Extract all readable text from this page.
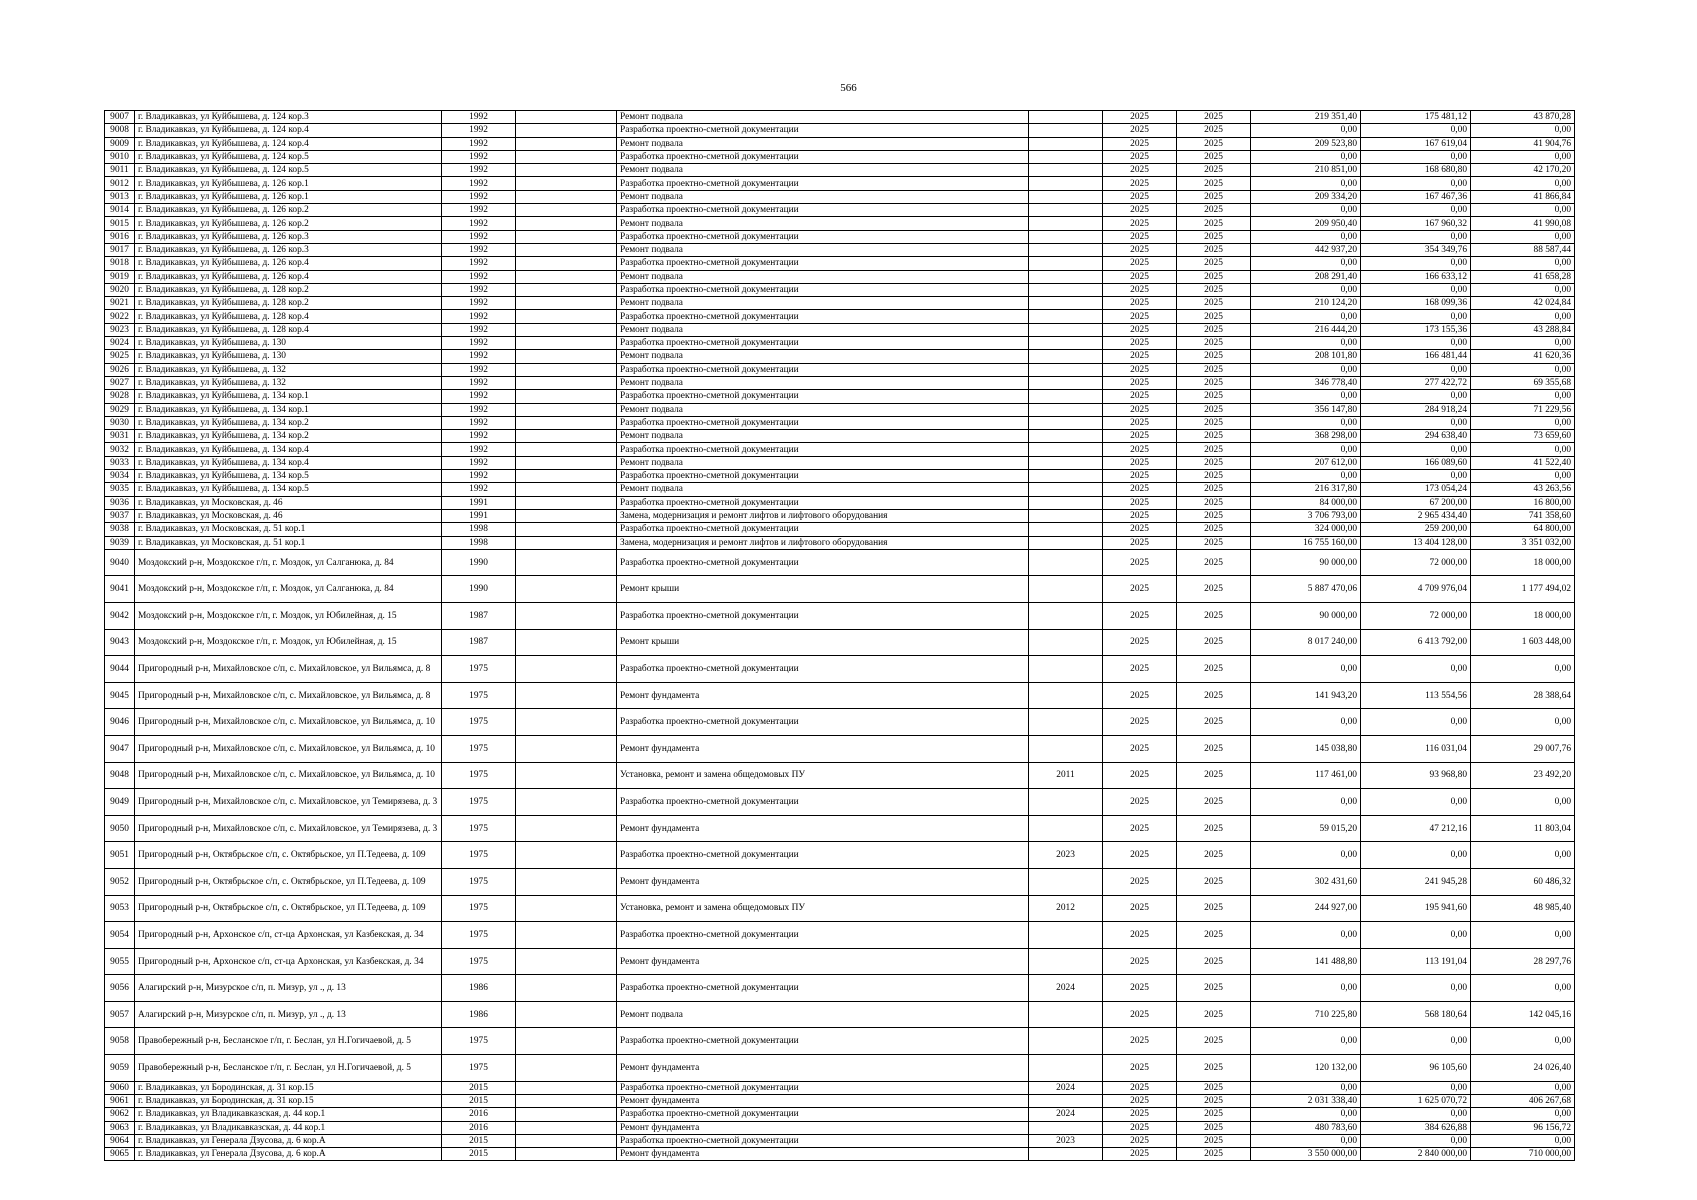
566
9007	г. Владикавказ, ул Куйбышева, д. 124 кор.3	1992		Ремонт подвала		2025	2025	219 351,40	175 481,12	43 870,28
9008	г. Владикавказ, ул Куйбышева, д. 124 кор.4	1992		Разработка проектно-сметной документации		2025	2025	0,00	0,00	0,00
9009	г. Владикавказ, ул Куйбышева, д. 124 кор.4	1992		Ремонт подвала		2025	2025	209 523,80	167 619,04	41 904,76
9010	г. Владикавказ, ул Куйбышева, д. 124 кор.5	1992		Разработка проектно-сметной документации		2025	2025	0,00	0,00	0,00
9011	г. Владикавказ, ул Куйбышева, д. 124 кор.5	1992		Ремонт подвала		2025	2025	210 851,00	168 680,80	42 170,20
9012	г. Владикавказ, ул Куйбышева, д. 126 кор.1	1992		Разработка проектно-сметной документации		2025	2025	0,00	0,00	0,00
9013	г. Владикавказ, ул Куйбышева, д. 126 кор.1	1992		Ремонт подвала		2025	2025	209 334,20	167 467,36	41 866,84
9014	г. Владикавказ, ул Куйбышева, д. 126 кор.2	1992		Разработка проектно-сметной документации		2025	2025	0,00	0,00	0,00
9015	г. Владикавказ, ул Куйбышева, д. 126 кор.2	1992		Ремонт подвала		2025	2025	209 950,40	167 960,32	41 990,08
9016	г. Владикавказ, ул Куйбышева, д. 126 кор.3	1992		Разработка проектно-сметной документации		2025	2025	0,00	0,00	0,00
9017	г. Владикавказ, ул Куйбышева, д. 126 кор.3	1992		Ремонт подвала		2025	2025	442 937,20	354 349,76	88 587,44
9018	г. Владикавказ, ул Куйбышева, д. 126 кор.4	1992		Разработка проектно-сметной документации		2025	2025	0,00	0,00	0,00
9019	г. Владикавказ, ул Куйбышева, д. 126 кор.4	1992		Ремонт подвала		2025	2025	208 291,40	166 633,12	41 658,28
9020	г. Владикавказ, ул Куйбышева, д. 128 кор.2	1992		Разработка проектно-сметной документации		2025	2025	0,00	0,00	0,00
9021	г. Владикавказ, ул Куйбышева, д. 128 кор.2	1992		Ремонт подвала		2025	2025	210 124,20	168 099,36	42 024,84
9022	г. Владикавказ, ул Куйбышева, д. 128 кор.4	1992		Разработка проектно-сметной документации		2025	2025	0,00	0,00	0,00
9023	г. Владикавказ, ул Куйбышева, д. 128 кор.4	1992		Ремонт подвала		2025	2025	216 444,20	173 155,36	43 288,84
9024	г. Владикавказ, ул Куйбышева, д. 130	1992		Разработка проектно-сметной документации		2025	2025	0,00	0,00	0,00
9025	г. Владикавказ, ул Куйбышева, д. 130	1992		Ремонт подвала		2025	2025	208 101,80	166 481,44	41 620,36
9026	г. Владикавказ, ул Куйбышева, д. 132	1992		Разработка проектно-сметной документации		2025	2025	0,00	0,00	0,00
9027	г. Владикавказ, ул Куйбышева, д. 132	1992		Ремонт подвала		2025	2025	346 778,40	277 422,72	69 355,68
9028	г. Владикавказ, ул Куйбышева, д. 134 кор.1	1992		Разработка проектно-сметной документации		2025	2025	0,00	0,00	0,00
9029	г. Владикавказ, ул Куйбышева, д. 134 кор.1	1992		Ремонт подвала		2025	2025	356 147,80	284 918,24	71 229,56
9030	г. Владикавказ, ул Куйбышева, д. 134 кор.2	1992		Разработка проектно-сметной документации		2025	2025	0,00	0,00	0,00
9031	г. Владикавказ, ул Куйбышева, д. 134 кор.2	1992		Ремонт подвала		2025	2025	368 298,00	294 638,40	73 659,60
9032	г. Владикавказ, ул Куйбышева, д. 134 кор.4	1992		Разработка проектно-сметной документации		2025	2025	0,00	0,00	0,00
9033	г. Владикавказ, ул Куйбышева, д. 134 кор.4	1992		Ремонт подвала		2025	2025	207 612,00	166 089,60	41 522,40
9034	г. Владикавказ, ул Куйбышева, д. 134 кор.5	1992		Разработка проектно-сметной документации		2025	2025	0,00	0,00	0,00
9035	г. Владикавказ, ул Куйбышева, д. 134 кор.5	1992		Ремонт подвала		2025	2025	216 317,80	173 054,24	43 263,56
9036	г. Владикавказ, ул Московская, д. 46	1991		Разработка проектно-сметной документации		2025	2025	84 000,00	67 200,00	16 800,00
9037	г. Владикавказ, ул Московская, д. 46	1991		Замена, модернизация и ремонт лифтов и лифтового оборудования		2025	2025	3 706 793,00	2 965 434,40	741 358,60
9038	г. Владикавказ, ул Московская, д. 51 кор.1	1998		Разработка проектно-сметной документации		2025	2025	324 000,00	259 200,00	64 800,00
9039	г. Владикавказ, ул Московская, д. 51 кор.1	1998		Замена, модернизация и ремонт лифтов и лифтового оборудования		2025	2025	16 755 160,00	13 404 128,00	3 351 032,00
9040	Моздокский р-н, Моздокское г/п, г. Моздок, ул Салганюка, д. 84	1990		Разработка проектно-сметной документации		2025	2025	90 000,00	72 000,00	18 000,00
9041	Моздокский р-н, Моздокское г/п, г. Моздок, ул Салганюка, д. 84	1990		Ремонт крыши		2025	2025	5 887 470,06	4 709 976,04	1 177 494,02
9042	Моздокский р-н, Моздокское г/п, г. Моздок, ул Юбилейная, д. 15	1987		Разработка проектно-сметной документации		2025	2025	90 000,00	72 000,00	18 000,00
9043	Моздокский р-н, Моздокское г/п, г. Моздок, ул Юбилейная, д. 15	1987		Ремонт крыши		2025	2025	8 017 240,00	6 413 792,00	1 603 448,00
9044	Пригородный р-н, Михайловское с/п, с. Михайловское, ул Вильямса, д. 8	1975		Разработка проектно-сметной документации		2025	2025	0,00	0,00	0,00
9045	Пригородный р-н, Михайловское с/п, с. Михайловское, ул Вильямса, д. 8	1975		Ремонт фундамента		2025	2025	141 943,20	113 554,56	28 388,64
9046	Пригородный р-н, Михайловское с/п, с. Михайловское, ул Вильямса, д. 10	1975		Разработка проектно-сметной документации		2025	2025	0,00	0,00	0,00
9047	Пригородный р-н, Михайловское с/п, с. Михайловское, ул Вильямса, д. 10	1975		Ремонт фундамента		2025	2025	145 038,80	116 031,04	29 007,76
9048	Пригородный р-н, Михайловское с/п, с. Михайловское, ул Вильямса, д. 10	1975		Установка, ремонт и замена общедомовых ПУ	2011	2025	2025	117 461,00	93 968,80	23 492,20
9049	Пригородный р-н, Михайловское с/п, с. Михайловское, ул Темирязева, д. 3	1975		Разработка проектно-сметной документации		2025	2025	0,00	0,00	0,00
9050	Пригородный р-н, Михайловское с/п, с. Михайловское, ул Темирязева, д. 3	1975		Ремонт фундамента		2025	2025	59 015,20	47 212,16	11 803,04
9051	Пригородный р-н, Октябрьское с/п, с. Октябрьское, ул П.Тедеева, д. 109	1975		Разработка проектно-сметной документации	2023	2025	2025	0,00	0,00	0,00
9052	Пригородный р-н, Октябрьское с/п, с. Октябрьское, ул П.Тедеева, д. 109	1975		Ремонт фундамента		2025	2025	302 431,60	241 945,28	60 486,32
9053	Пригородный р-н, Октябрьское с/п, с. Октябрьское, ул П.Тедеева, д. 109	1975		Установка, ремонт и замена общедомовых ПУ	2012	2025	2025	244 927,00	195 941,60	48 985,40
9054	Пригородный р-н, Архонское с/п, ст-ца Архонская, ул Казбекская, д. 34	1975		Разработка проектно-сметной документации		2025	2025	0,00	0,00	0,00
9055	Пригородный р-н, Архонское с/п, ст-ца Архонская, ул Казбекская, д. 34	1975		Ремонт фундамента		2025	2025	141 488,80	113 191,04	28 297,76
9056	Алагирский р-н, Мизурское с/п, п. Мизур, ул ., д. 13	1986		Разработка проектно-сметной документации	2024	2025	2025	0,00	0,00	0,00
9057	Алагирский р-н, Мизурское с/п, п. Мизур, ул ., д. 13	1986		Ремонт подвала		2025	2025	710 225,80	568 180,64	142 045,16
9058	Правобережный р-н, Бесланское г/п, г. Беслан, ул Н.Гогичаевой, д. 5	1975		Разработка проектно-сметной документации		2025	2025	0,00	0,00	0,00
9059	Правобережный р-н, Бесланское г/п, г. Беслан, ул Н.Гогичаевой, д. 5	1975		Ремонт фундамента		2025	2025	120 132,00	96 105,60	24 026,40
9060	г. Владикавказ, ул Бородинская, д. 31 кор.15	2015		Разработка проектно-сметной документации	2024	2025	2025	0,00	0,00	0,00
9061	г. Владикавказ, ул Бородинская, д. 31 кор.15	2015		Ремонт фундамента		2025	2025	2 031 338,40	1 625 070,72	406 267,68
9062	г. Владикавказ, ул Владикавказская, д. 44 кор.1	2016		Разработка проектно-сметной документации	2024	2025	2025	0,00	0,00	0,00
9063	г. Владикавказ, ул Владикавказская, д. 44 кор.1	2016		Ремонт фундамента		2025	2025	480 783,60	384 626,88	96 156,72
9064	г. Владикавказ, ул Генерала Дзусова, д. 6 кор.А	2015		Разработка проектно-сметной документации	2023	2025	2025	0,00	0,00	0,00
9065	г. Владикавказ, ул Генерала Дзусова, д. 6 кор.А	2015		Ремонт фундамента		2025	2025	3 550 000,00	2 840 000,00	710 000,00
